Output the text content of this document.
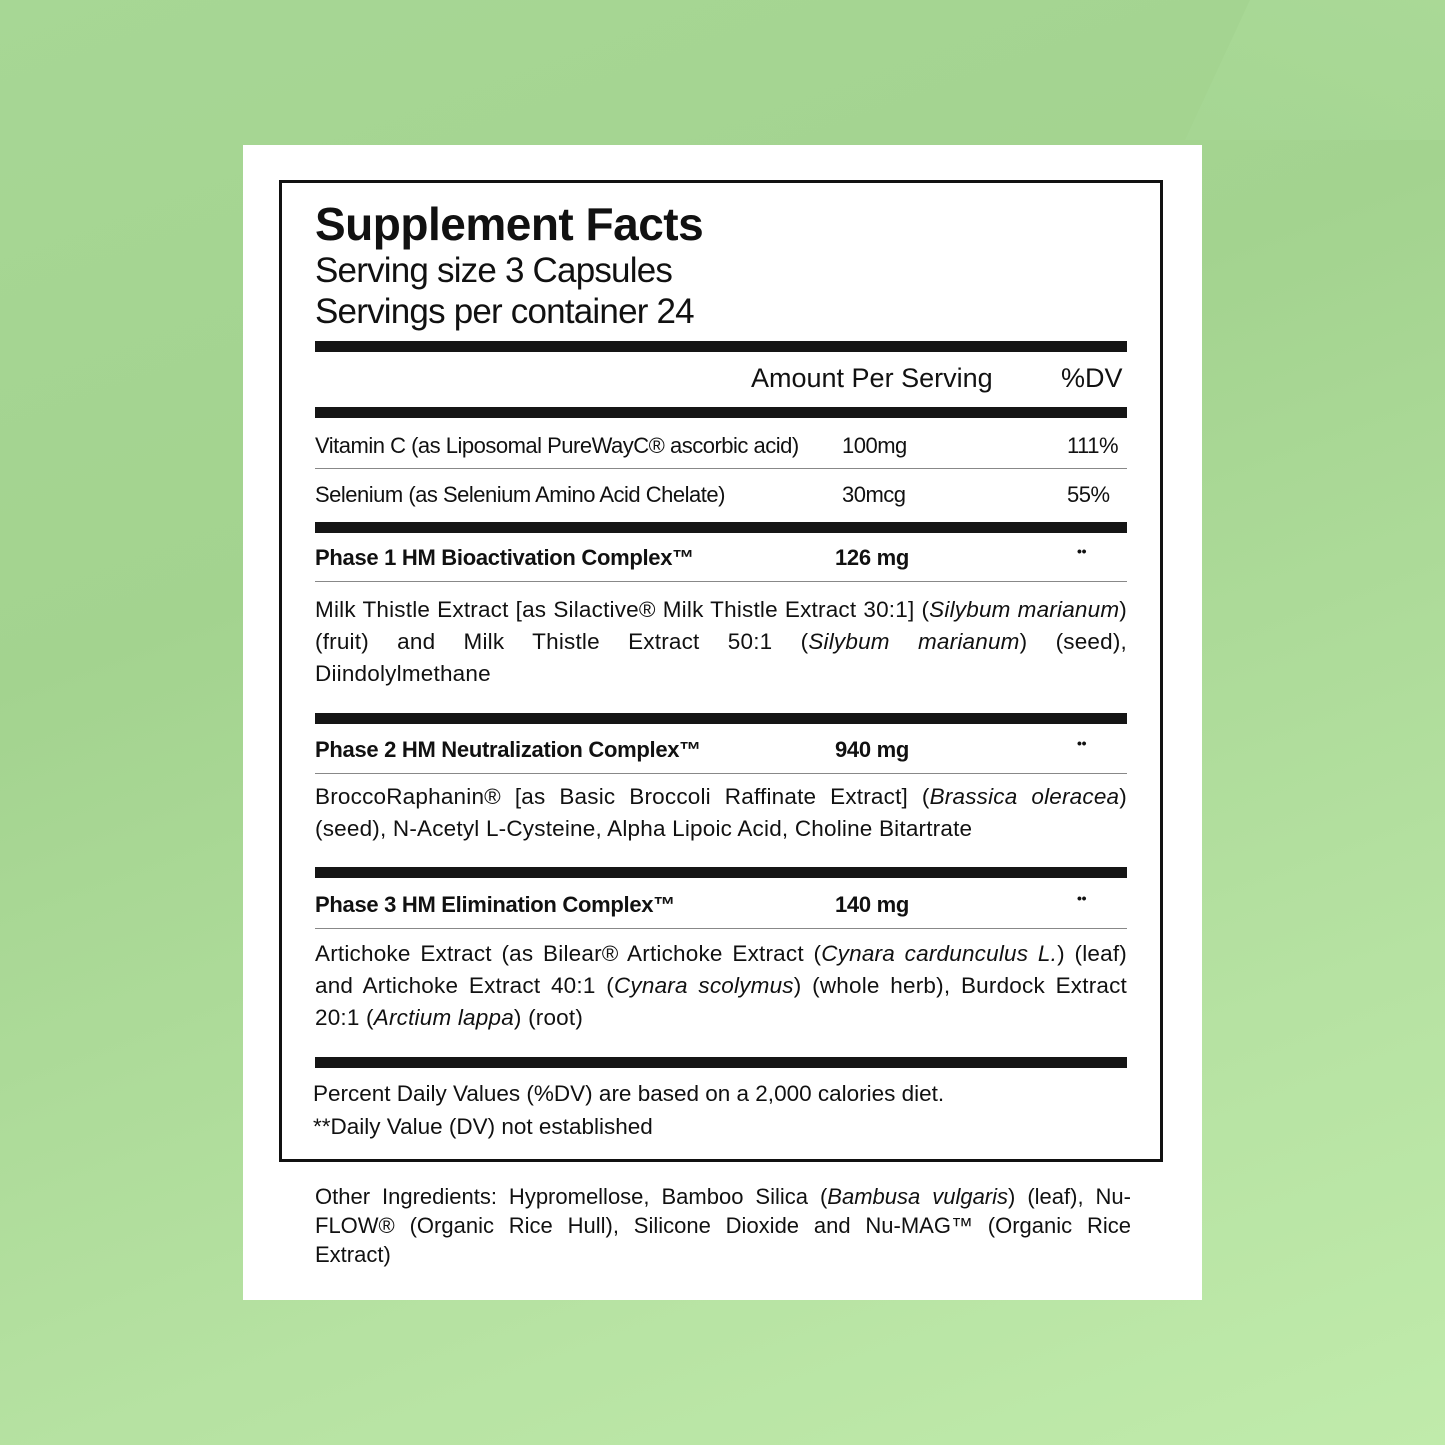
Supplement Facts
Serving size 3 Capsules
Servings per container 24
Amount Per Serving	%DV
Vitamin C (as Liposomal PureWayC® ascorbic acid) 100mg	111%
Selenium (as Selenium Amino Acid Chelate)	30mcg	55%
Phase 1 HM Bioactivation Complex™	126 mg	••
Milk Thistle Extract [as Silactive® Milk Thistle Extract 30:1] (Silybum marianum) (fruit) and Milk Thistle Extract 50:1 (Silybum marianum) (seed), Diindolylmethane
Phase 2 HM Neutralization Complex™	940 mg	••
BroccoRaphanin® [as Basic Broccoli Raffinate Extract] (Brassica oleracea) (seed), N-Acetyl L-Cysteine, Alpha Lipoic Acid, Choline Bitartrate
Phase 3 HM Elimination Complex™	140 mg	••
Artichoke Extract (as Bilear® Artichoke Extract (Cynara cardunculus L.) (leaf) and Artichoke Extract 40:1 (Cynara scolymus) (whole herb), Burdock Extract 20:1 (Arctium lappa) (root)
Percent Daily Values (%DV) are based on a 2,000 calories diet.
**Daily Value (DV) not established
Other Ingredients: Hypromellose, Bamboo Silica (Bambusa vulgaris) (leaf), Nu-FLOW® (Organic Rice Hull), Silicone Dioxide and Nu-MAG™ (Organic Rice Extract)
